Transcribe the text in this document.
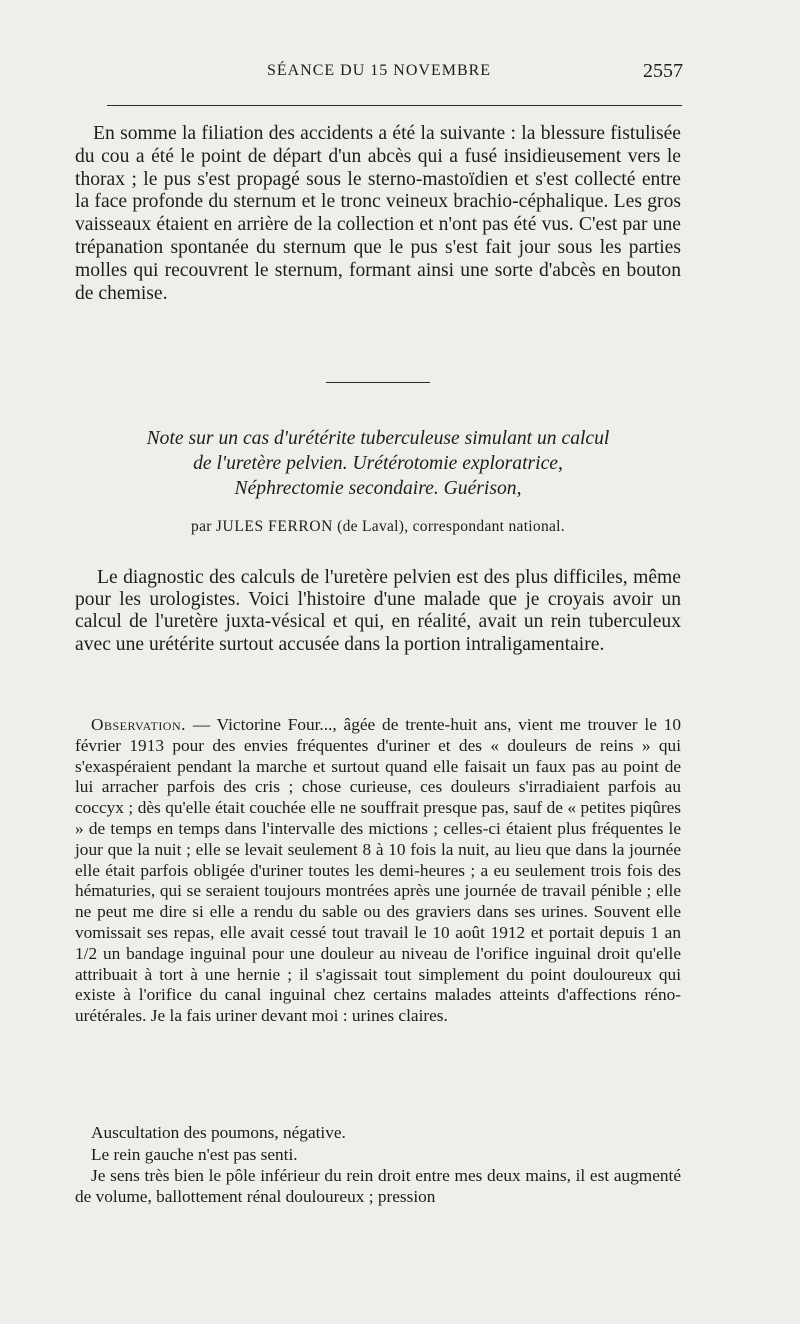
SÉANCE DU 15 NOVEMBRE	2557

En somme la filiation des accidents a été la suivante : la blessure fistulisée du cou a été le point de départ d'un abcès qui a fusé insidieusement vers le thorax ; le pus s'est propagé sous le sterno-mastoïdien et s'est collecté entre la face profonde du sternum et le tronc veineux brachio-céphalique. Les gros vaisseaux étaient en arrière de la collection et n'ont pas été vus. C'est par une trépanation spontanée du sternum que le pus s'est fait jour sous les parties molles qui recouvrent le sternum, formant ainsi une sorte d'abcès en bouton de chemise.

Note sur un cas d'urétérite tuberculeuse simulant un calcul
de l'uretère pelvien. Urétérotomie exploratrice,
Néphrectomie secondaire. Guérison,
par JULES FERRON (de Laval), correspondant national.

Le diagnostic des calculs de l'uretère pelvien est des plus difficiles, même pour les urologistes. Voici l'histoire d'une malade que je croyais avoir un calcul de l'uretère juxta-vésical et qui, en réalité, avait un rein tuberculeux avec une urétérite surtout accusée dans la portion intraligamentaire.

Observation. — Victorine Four..., âgée de trente-huit ans, vient me trouver le 10 février 1913 pour des envies fréquentes d'uriner et des « douleurs de reins » qui s'exaspéraient pendant la marche et surtout quand elle faisait un faux pas au point de lui arracher parfois des cris ; chose curieuse, ces douleurs s'irradiaient parfois au coccyx ; dès qu'elle était couchée elle ne souffrait presque pas, sauf de « petites piqûres » de temps en temps dans l'intervalle des mictions ; celles-ci étaient plus fréquentes le jour que la nuit ; elle se levait seulement 8 à 10 fois la nuit, au lieu que dans la journée elle était parfois obligée d'uriner toutes les demi-heures ; a eu seulement trois fois des hématuries, qui se seraient toujours montrées après une journée de travail pénible ; elle ne peut me dire si elle a rendu du sable ou des graviers dans ses urines. Souvent elle vomissait ses repas, elle avait cessé tout travail le 10 août 1912 et portait depuis 1 an 1/2 un bandage inguinal pour une douleur au niveau de l'orifice inguinal droit qu'elle attribuait à tort à une hernie ; il s'agissait tout simplement du point douloureux qui existe à l'orifice du canal inguinal chez certains malades atteints d'affections réno-urétérales. Je la fais uriner devant moi : urines claires.

Auscultation des poumons, négative.

Le rein gauche n'est pas senti.

Je sens très bien le pôle inférieur du rein droit entre mes deux mains, il est augmenté de volume, ballottement rénal douloureux ; pression
